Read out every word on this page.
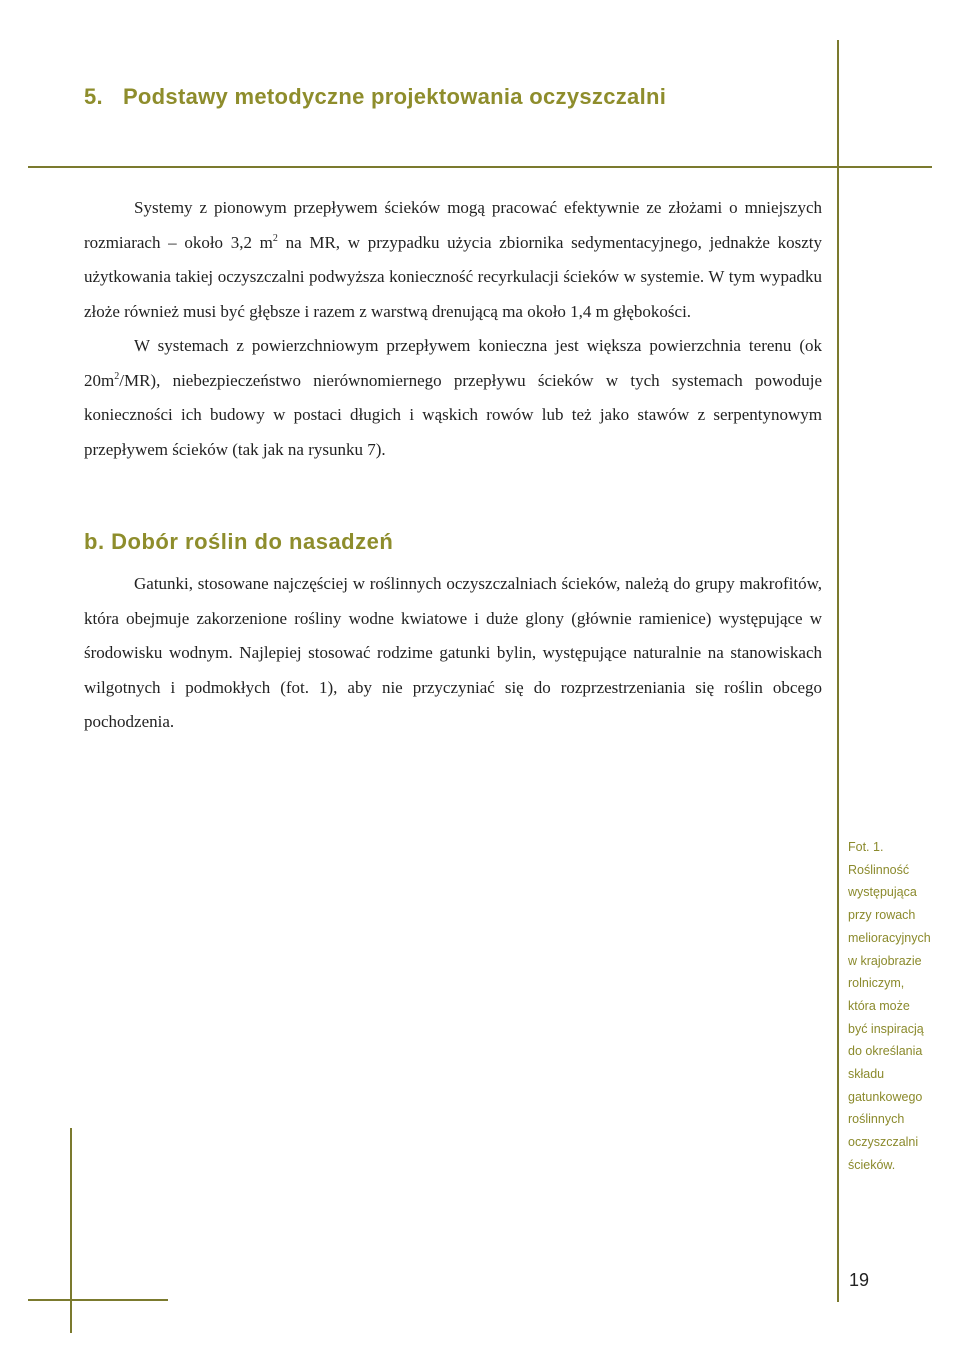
5. Podstawy metodyczne projektowania oczyszczalni

Systemy z pionowym przepływem ścieków mogą pracować efektywnie ze złożami o mniejszych rozmiarach – około 3,2 $m^2$ na MR, w przypadku użycia zbiornika sedymentacyjnego, jednakże koszty użytkowania takiej oczyszczalni podwyższa konieczność recyrkulacji ścieków w systemie. W tym wypadku złoże również musi być głębsze i razem z warstwą drenującą ma około 1,4 m głębokości.

W systemach z powierzchniowym przepływem konieczna jest większa powierzchnia terenu (ok $20m^2/MR$), niebezpieczeństwo nierównomiernego przepływu ścieków w tych systemach powoduje konieczności ich budowy w postaci długich i wąskich rowów lub też jako stawów z serpentynowym przepływem ścieków (tak jak na rysunku 7).

b. Dobór roślin do nasadzeń

Gatunki, stosowane najczęściej w roślinnych oczyszczalniach ścieków, należą do grupy makrofitów, która obejmuje zakorzenione rośliny wodne kwiatowe i duże glony (głównie ramienice) występujące w środowisku wodnym. Najlepiej stosować rodzime gatunki bylin, występujące naturalnie na stanowiskach wilgotnych i podmokłych (fot. 1), aby nie przyczyniać się do rozprzestrzeniania się roślin obcego pochodzenia.

Fot. 1.
Roślinność
występująca
przy rowach
melioracyjnych
w krajobrazie
rolniczym,
która może
być inspiracją
do określania
składu
gatunkowego
roślinnych
oczyszczalni
ścieków.
19
